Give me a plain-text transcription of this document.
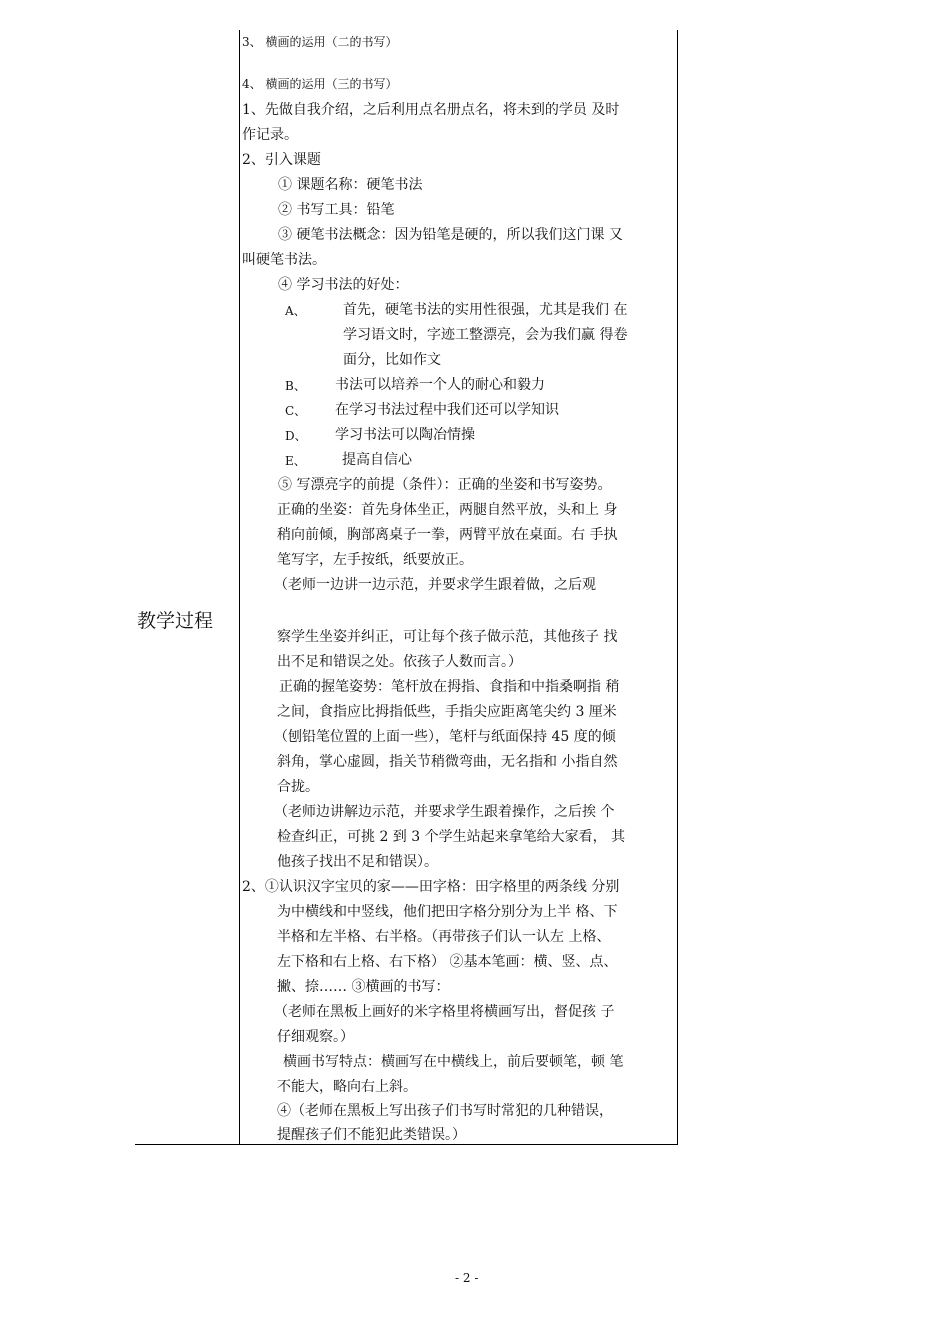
教学过程
3、 横画的运用（二的书写）
4、 横画的运用（三的书写）
1、先做自我介绍，之后利用点名册点名，将未到的学员 及时
作记录。
2、引入课题
① 课题名称：硬笔书法
② 书写工具：铅笔
③ 硬笔书法概念：因为铅笔是硬的，所以我们这门课 又
叫硬笔书法。
④ 学习书法的好处：
A、	首先，硬笔书法的实用性很强，尤其是我们 在
学习语文时，字迹工整漂亮，会为我们赢 得卷
面分，比如作文
B、 书法可以培养一个人的耐心和毅力
C、 在学习书法过程中我们还可以学知识
D、 学习书法可以陶冶情操
E、	提高自信心
⑤ 写漂亮字的前提（条件）：正确的坐姿和书写姿势。
正确的坐姿：首先身体坐正，两腿自然平放，头和上 身
稍向前倾，胸部离桌子一拳，两臂平放在桌面。右 手执
笔写字，左手按纸，纸要放正。
（老师一边讲一边示范，并要求学生跟着做，之后观
察学生坐姿并纠正，可让每个孩子做示范，其他孩子 找
出不足和错误之处。依孩子人数而言。）
正确的握笔姿势：笔杆放在拇指、食指和中指桑啊指 稍
之间，食指应比拇指低些，手指尖应距离笔尖约 3 厘米
（刨铅笔位置的上面一些），笔杆与纸面保持 45 度的倾
斜角，掌心虚圆，指关节稍微弯曲，无名指和 小指自然
合拢。
（老师边讲解边示范，并要求学生跟着操作，之后挨 个
检查纠正，可挑 2 到 3 个学生站起来拿笔给大家看， 其
他孩子找出不足和错误）。
2、①认识汉字宝贝的家——田字格：田字格里的两条线 分别
为中横线和中竖线，他们把田字格分别分为上半 格、下
半格和左半格、右半格。（再带孩子们认一认左 上格、
左下格和右上格、右下格） ②基本笔画：横、竖、点、
撇、捺…… ③横画的书写：
（老师在黑板上画好的米字格里将横画写出，督促孩 子
仔细观察。）
横画书写特点：横画写在中横线上，前后要顿笔，顿 笔
不能大，略向右上斜。
④（老师在黑板上写出孩子们书写时常犯的几种错误，
提醒孩子们不能犯此类错误。）
- 2 -
